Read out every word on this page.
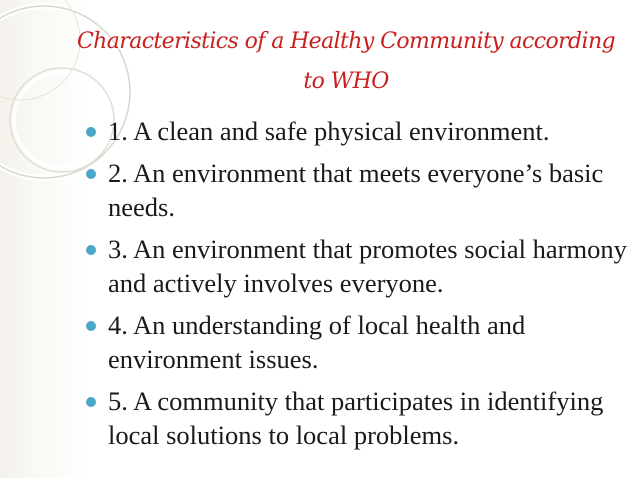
Characteristics of a Healthy Community according
to WHO
1. A clean and safe physical environment.
2. An environment that meets everyone’s basic needs.
3. An environment that promotes social harmony and actively involves everyone.
4. An understanding of local health and environment issues.
5. A community that participates in identifying local solutions to local problems.
